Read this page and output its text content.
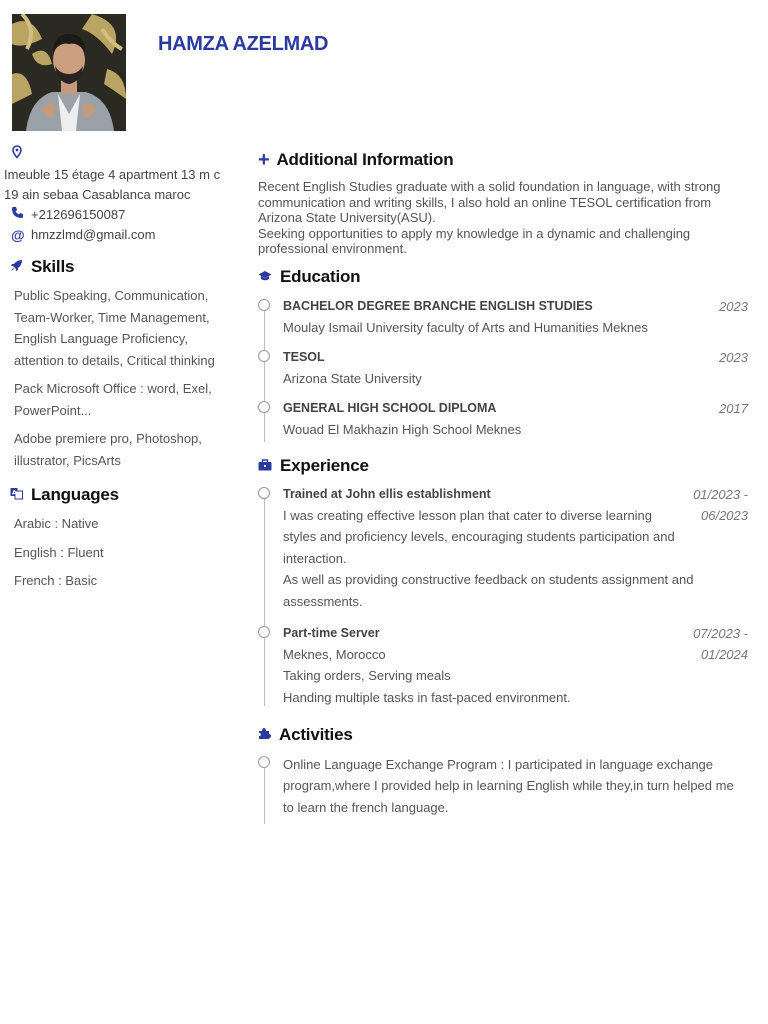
HAMZA AZELMAD
Imeuble 15 étage 4 apartment 13 m c
19 ain sebaa Casablanca maroc
+212696150087
@ hmzzlmd@gmail.com
Skills
Public Speaking, Communication,
Team-Worker, Time Management,
English Language Proficiency,
attention to details, Critical thinking
Pack Microsoft Office : word, Exel,
PowerPoint...
Adobe premiere pro, Photoshop,
illustrator, PicsArts
A Languages
Arabic : Native
English : Fluent
French : Basic
+ Additional Information
Recent English Studies graduate with a solid foundation in language, with strong
communication and writing skills, I also hold an online TESOL certification from
Arizona State University(ASU).
Seeking opportunities to apply my knowledge in a dynamic and challenging
professional environment.
Education
BACHELOR DEGREE BRANCHE ENGLISH STUDIES	2023
Moulay Ismail University faculty of Arts and Humanities Meknes
TESOL	2023
Arizona State University
GENERAL HIGH SCHOOL DIPLOMA	2017
Wouad El Makhazin High School Meknes
Experience
Trained at John ellis establishment	01/2023 -
06/2023
I was creating effective lesson plan that cater to diverse learning
styles and proficiency levels, encouraging students participation and
interaction.
As well as providing constructive feedback on students assignment and
assessments.
Part-time Server	07/2023 -
01/2024
Meknes, Morocco
Taking orders, Serving meals
Handing multiple tasks in fast-paced environment.
Activities
Online Language Exchange Program : I participated in language exchange
program,where I provided help in learning English while they,in turn helped me
to learn the french language.
